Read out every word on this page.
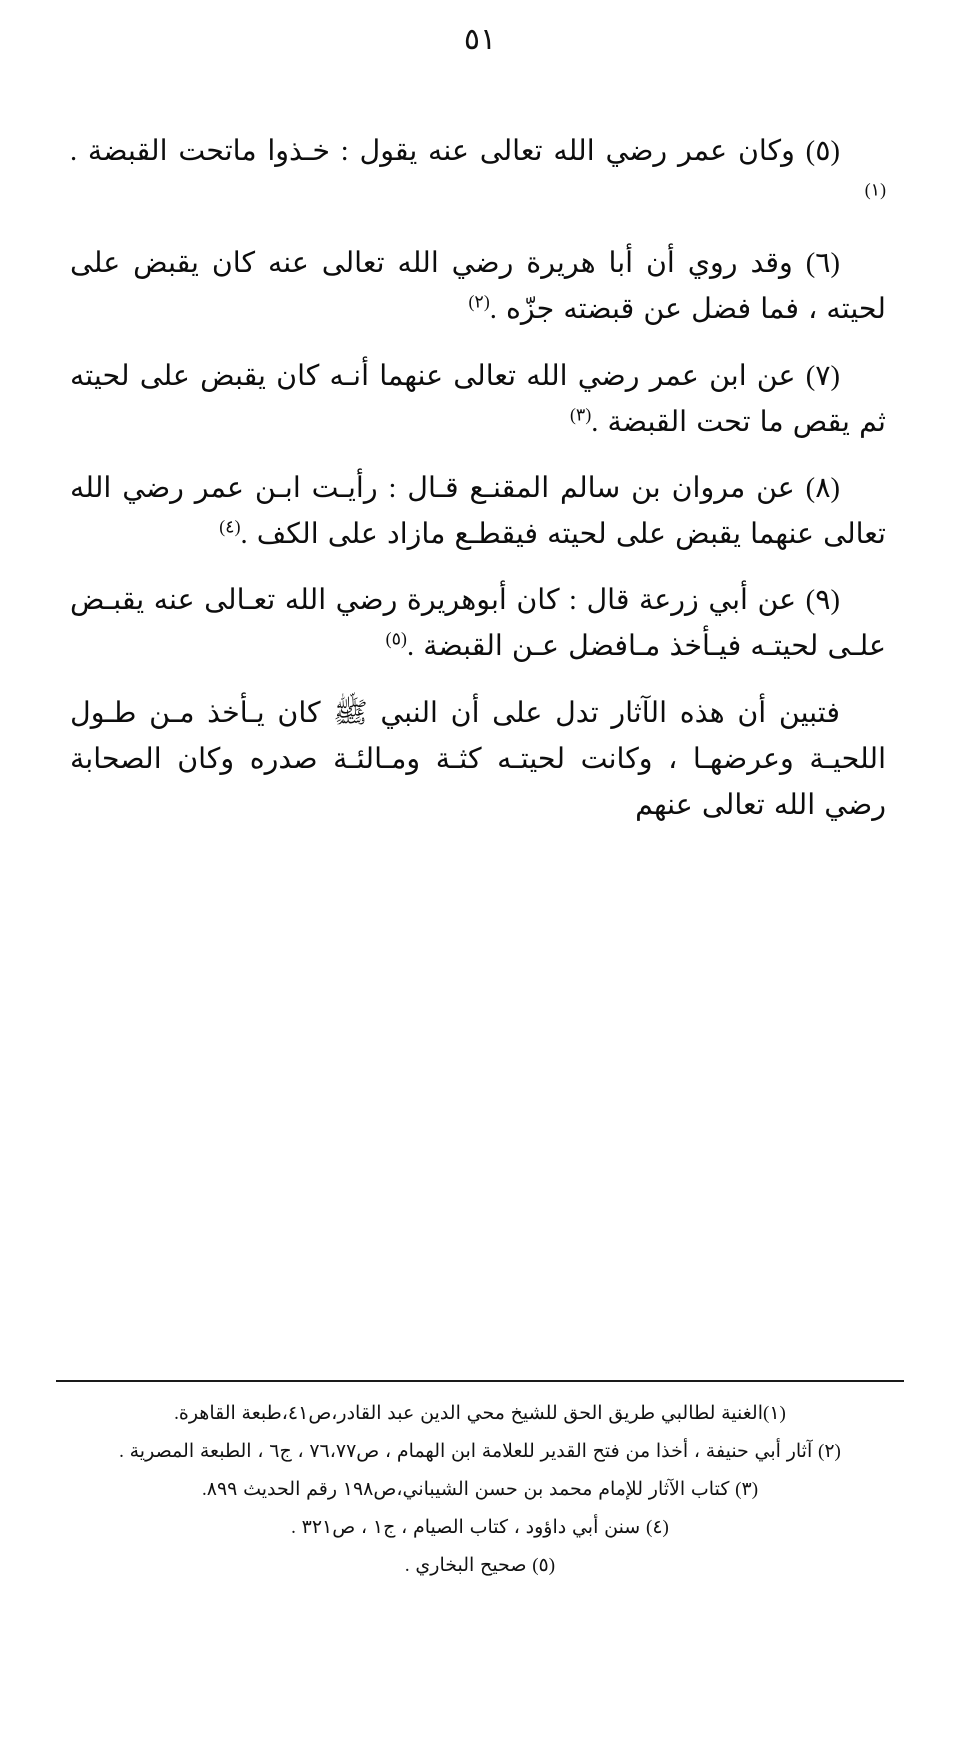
٥١

(٥) وكان عمر رضي الله تعالى عنه يقول : خـذوا ماتحت القبضة .$^{(١)}$

(٦) وقد روي أن أبا هريرة رضي الله تعالى عنه كان يقبض على لحيته ، فما فضل عن قبضته جزّه .$^{(٢)}$

(٧) عن ابن عمر رضي الله تعالى عنهما أنـه كان يقبض على لحيته ثم يقص ما تحت القبضة .$^{(٣)}$

(٨) عن مروان بن سالم المقنـع قـال : رأيـت ابـن عمر رضي الله تعالى عنهما يقبض على لحيته فيقطـع مازاد على الكف .$^{(٤)}$

(٩) عن أبي زرعة قال : كان أبوهريرة رضي الله تعـالى عنه يقبـض علـى لحيتـه فيـأخذ مـافضل عـن القبضة .$^{(٥)}$

فتبين أن هذه الآثار تدل على أن النبي ﷺ كان يـأخذ مـن طـول اللحيـة وعرضهـا ، وكانت لحيتـه كثـة ومـالئـة صدره وكان الصحابة رضي الله تعالى عنهم

(١)الغنية لطالبي طريق الحق للشيخ محي الدين عبد القادر،ص٤١،طبعة القاهرة.

(٢) آثار أبي حنيفة ، أخذا من فتح القدير للعلامة ابن الهمام ، ص٧٦،٧٧ ، ج٦ ، الطبعة المصرية .

(٣) كتاب الآثار للإمام محمد بن حسن الشيباني،ص١٩٨ رقم الحديث ٨٩٩.

(٤) سنن أبي داؤود ، كتاب الصيام ، ج١ ، ص٣٢١ .

(٥) صحيح البخاري .
